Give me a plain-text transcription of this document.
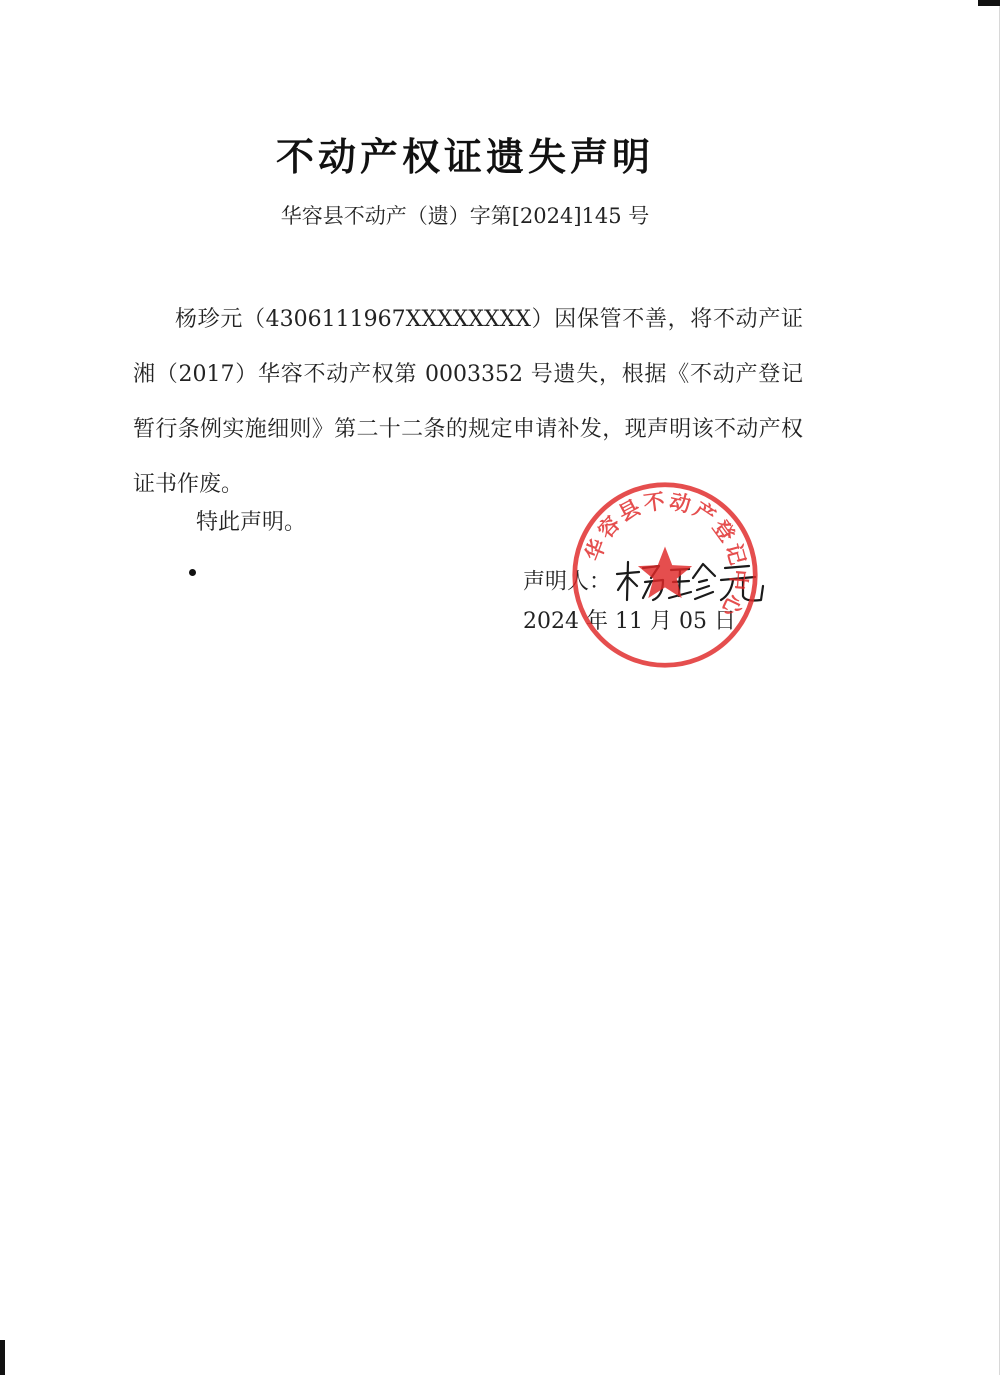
不动产权证遗失声明
华容县不动产（遗）字第[2024]145 号

杨珍元（4306111967XXXXXXXX）因保管不善，将不动产证湘（2017）华容不动产权第 0003352 号遗失，根据《不动产登记暂行条例实施细则》第二十二条的规定申请补发，现声明该不动产权证书作废。

特此声明。

声明人：
2024 年 11 月 05 日
华容县不动产登记中心
